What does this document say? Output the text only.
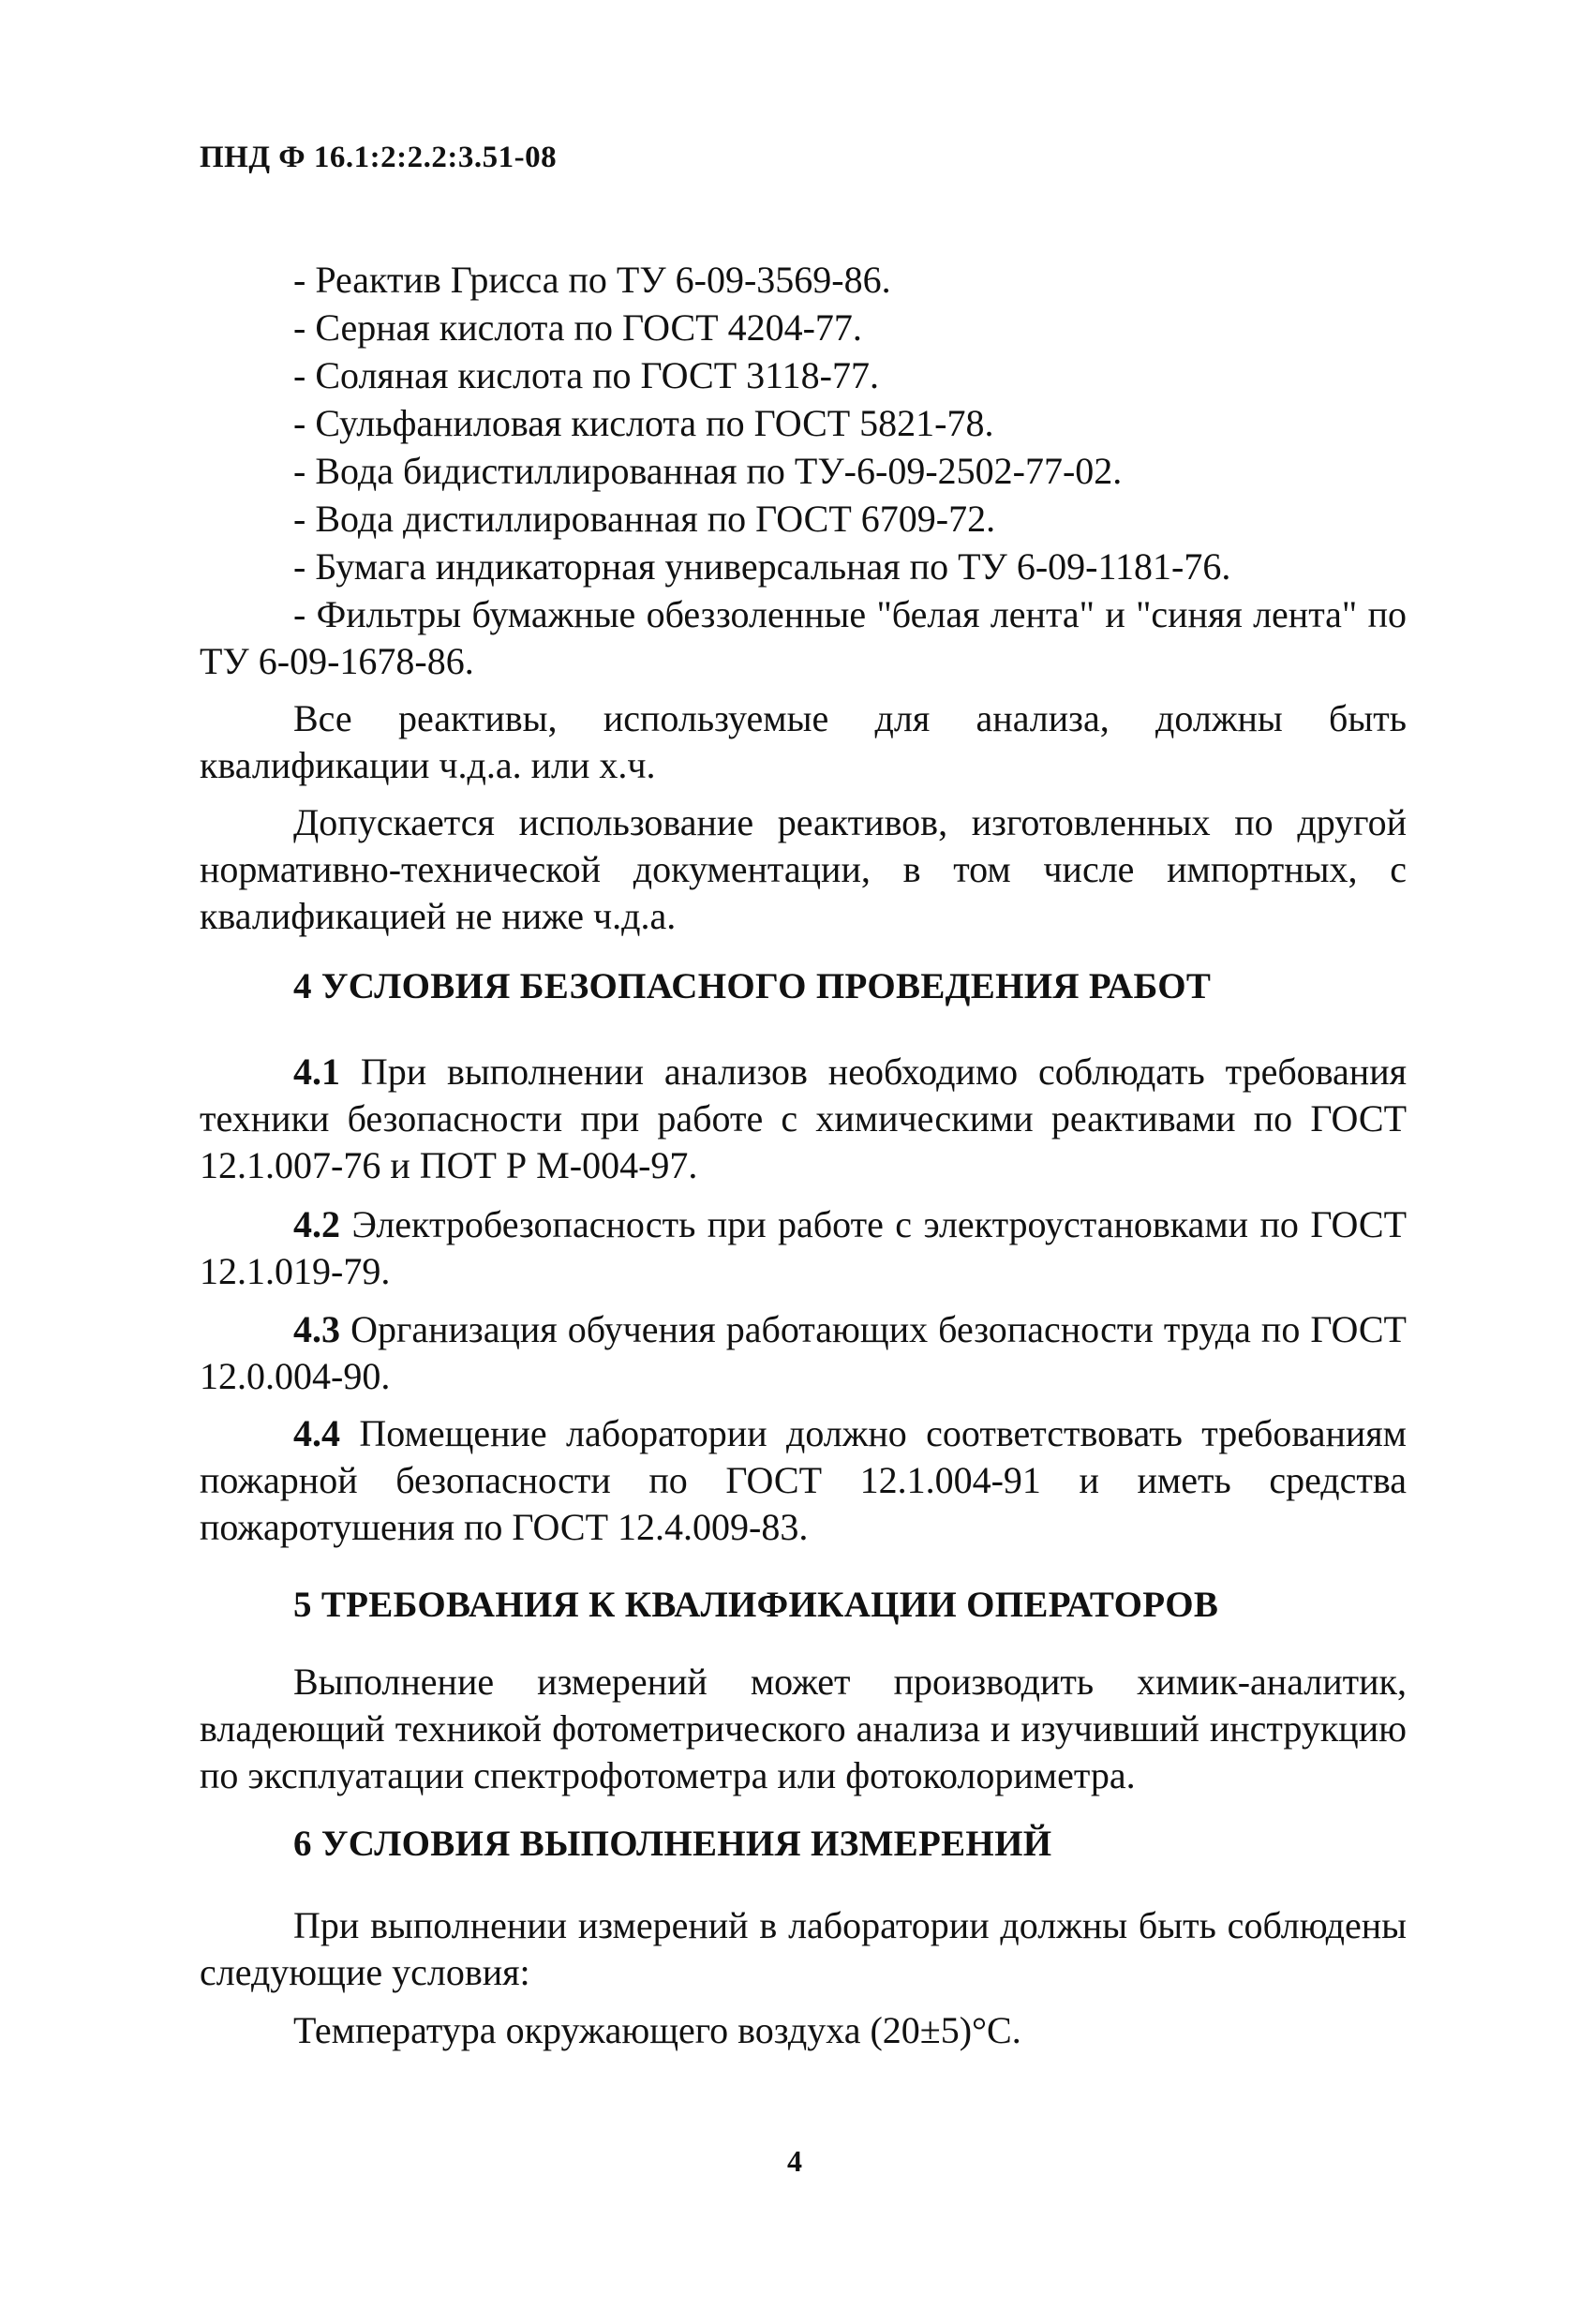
ПНД Ф 16.1:2:2.2:3.51-08
- Реактив Грисса по ТУ 6-09-3569-86.
- Серная кислота по ГОСТ 4204-77.
- Соляная кислота по ГОСТ 3118-77.
- Сульфаниловая кислота по ГОСТ 5821-78.
- Вода бидистиллированная по ТУ-6-09-2502-77-02.
- Вода дистиллированная по ГОСТ 6709-72.
- Бумага индикаторная универсальная по ТУ 6-09-1181-76.
- Фильтры бумажные обеззоленные "белая лента" и "синяя лента" по ТУ 6-09-1678-86.
Все реактивы, используемые для анализа, должны быть квалификации ч.д.а. или х.ч.
Допускается использование реактивов, изготовленных по другой нормативно-технической документации, в том числе импортных, с квалификацией не ниже ч.д.а.
4 УСЛОВИЯ БЕЗОПАСНОГО ПРОВЕДЕНИЯ РАБОТ
4.1 При выполнении анализов необходимо соблюдать требования техники безопасности при работе с химическими реактивами по ГОСТ 12.1.007-76 и ПОТ Р М-004-97.
4.2 Электробезопасность при работе с электроустановками по ГОСТ 12.1.019-79.
4.3 Организация обучения работающих безопасности труда по ГОСТ 12.0.004-90.
4.4 Помещение лаборатории должно соответствовать требованиям пожарной безопасности по ГОСТ 12.1.004-91 и иметь средства пожаротушения по ГОСТ 12.4.009-83.
5 ТРЕБОВАНИЯ К КВАЛИФИКАЦИИ ОПЕРАТОРОВ
Выполнение измерений может производить химик-аналитик, владеющий техникой фотометрического анализа и изучивший инструкцию по эксплуатации спектрофотометра или фотоколориметра.
6 УСЛОВИЯ ВЫПОЛНЕНИЯ ИЗМЕРЕНИЙ
При выполнении измерений в лаборатории должны быть соблюдены следующие условия:
Температура окружающего воздуха (20±5)°С.
4
